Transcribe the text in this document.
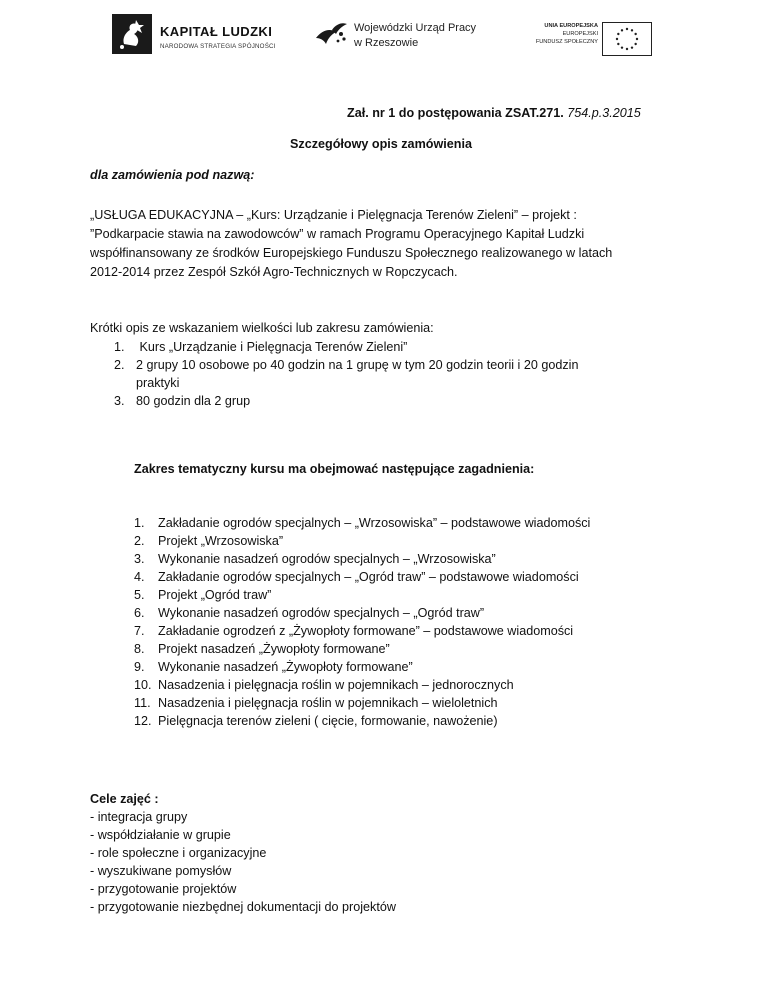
KAPITAŁ LUDZKI
NARODOWA STRATEGIA SPÓJNOŚCI
Wojewódzki Urząd Pracy
w Rzeszowie
UNIA EUROPEJSKA
EUROPEJSKI
FUNDUSZ SPOŁECZNY
Zał. nr 1 do postępowania ZSAT.271. 754.p.3.2015
Szczegółowy opis zamówienia
dla zamówienia pod nazwą:
„USŁUGA EDUKACYJNA – „Kurs: Urządzanie i Pielęgnacja Terenów Zieleni” – projekt :
”Podkarpacie stawia na zawodowców” w ramach Programu Operacyjnego Kapitał Ludzki
współfinansowany ze środków Europejskiego Funduszu Społecznego realizowanego w latach
2012-2014 przez Zespół Szkół Agro-Technicznych w Ropczycach.
Krótki opis ze wskazaniem wielkości lub zakresu zamówienia:
1. Kurs „Urządzanie i Pielęgnacja Terenów Zieleni”
2. 2 grupy 10 osobowe po 40 godzin na 1 grupę w tym 20 godzin teorii i 20 godzin
praktyki
3. 80 godzin dla 2 grup
Zakres tematyczny kursu ma obejmować następujące zagadnienia:
1. Zakładanie ogrodów specjalnych – „Wrzosowiska” – podstawowe wiadomości
2. Projekt „Wrzosowiska”
3. Wykonanie nasadzeń ogrodów specjalnych – „Wrzosowiska”
4. Zakładanie ogrodów specjalnych – „Ogród traw” – podstawowe wiadomości
5. Projekt „Ogród traw”
6. Wykonanie nasadzeń ogrodów specjalnych – „Ogród traw”
7. Zakładanie ogrodzeń z „Żywopłoty formowane” – podstawowe wiadomości
8. Projekt nasadzeń „Żywopłoty formowane”
9. Wykonanie nasadzeń „Żywopłoty formowane”
10. Nasadzenia i pielęgnacja roślin w pojemnikach – jednorocznych
11. Nasadzenia i pielęgnacja roślin w pojemnikach – wieloletnich
12. Pielęgnacja terenów zieleni ( cięcie, formowanie, nawożenie)
Cele zajęć :
- integracja grupy
- współdziałanie w grupie
- role społeczne i organizacyjne
- wyszukiwane pomysłów
- przygotowanie projektów
- przygotowanie niezbędnej dokumentacji do projektów
